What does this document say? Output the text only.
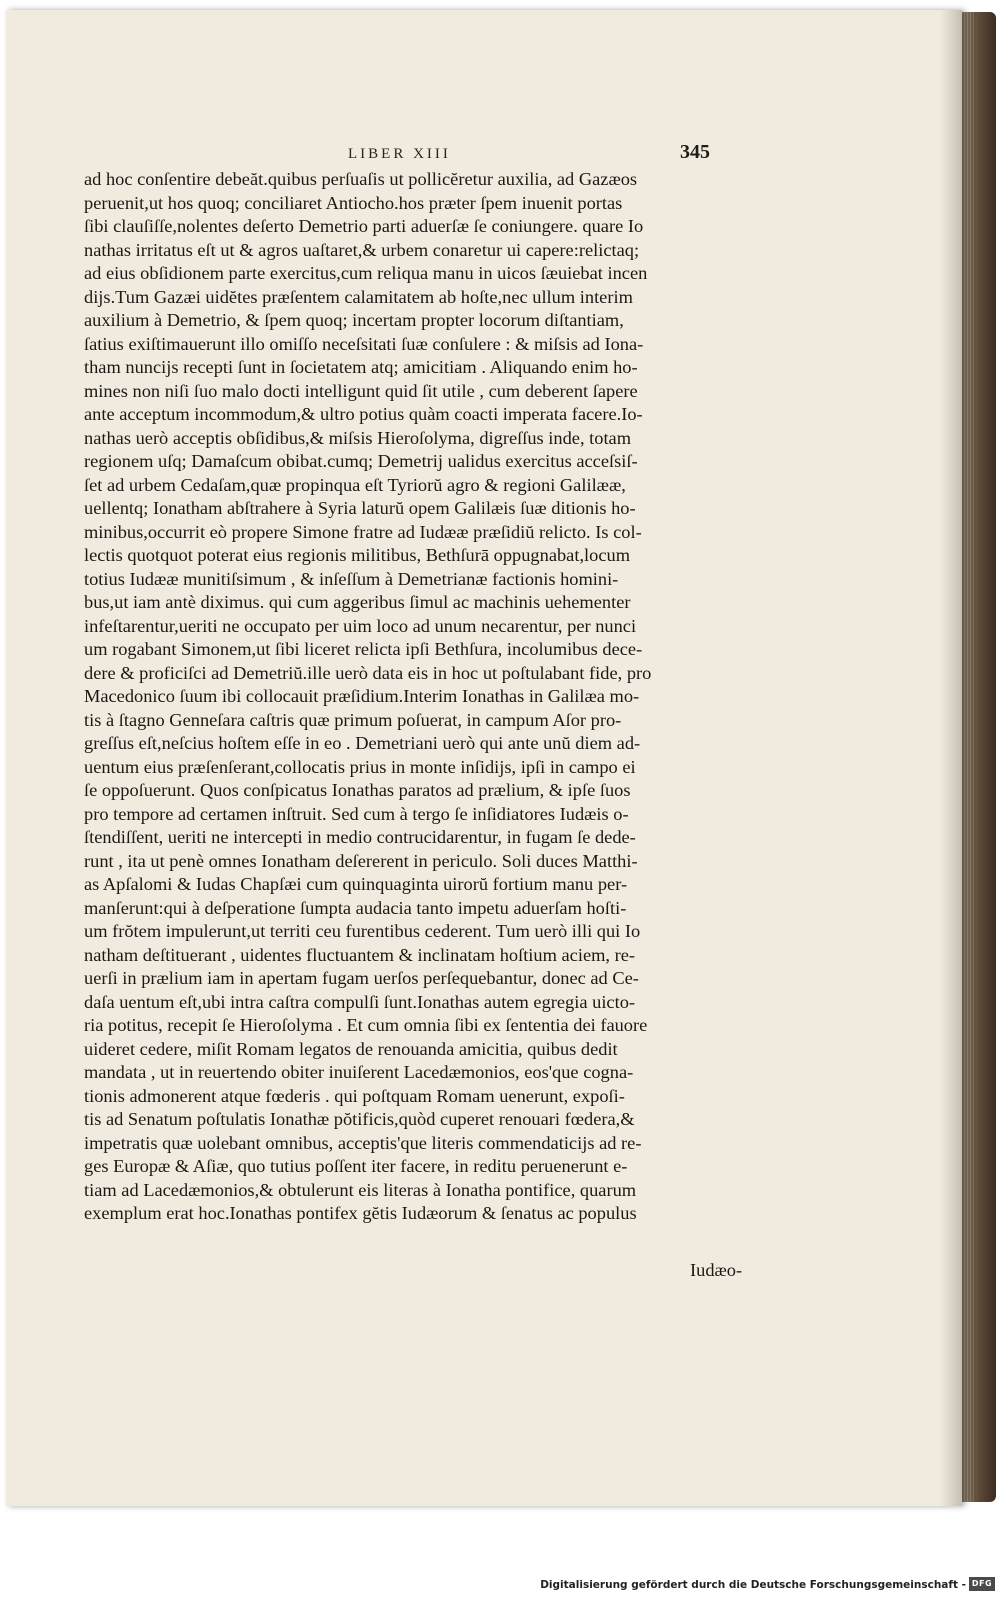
LIBER XIII	345
ad hoc conſentire debeăt.quibus perſuaſis ut pollicĕretur auxilia, ad Gazæos
peruenit,ut hos quoq; conciliaret Antiocho.hos præter ſpem inuenit portas
ſibi clauſiſſe,nolentes deſerto Demetrio parti aduerſæ ſe coniungere. quare Io
nathas irritatus eſt ut & agros uaſtaret,& urbem conaretur ui capere:relictaq;
ad eius obſidionem parte exercitus,cum reliqua manu in uicos ſæuiebat incen
dijs.Tum Gazæi uidĕtes præſentem calamitatem ab hoſte,nec ullum interim
auxilium à Demetrio, & ſpem quoq; incertam propter locorum diſtantiam,
ſatius exiſtimauerunt illo omiſſo neceſsitati ſuæ conſulere : & miſsis ad Iona-
tham nuncijs recepti ſunt in ſocietatem atq; amicitiam . Aliquando enim ho-
mines non niſi ſuo malo docti intelligunt quid ſit utile , cum deberent ſapere
ante acceptum incommodum,& ultro potius quàm coacti imperata facere.Io-
nathas uerò acceptis obſidibus,& miſsis Hieroſolyma, digreſſus inde, totam
regionem uſq; Damaſcum obibat.cumq; Demetrij ualidus exercitus acceſsiſ-
ſet ad urbem Cedaſam,quæ propinqua eſt Tyriorŭ agro & regioni Galilææ,
uellentq; Ionatham abſtrahere à Syria laturŭ opem Galilæis ſuæ ditionis ho-
minibus,occurrit eò propere Simone fratre ad Iudææ præſidiŭ relicto. Is col-
lectis quotquot poterat eius regionis militibus, Bethſurā oppugnabat,locum
totius Iudææ munitiſsimum , & inſeſſum à Demetrianæ factionis homini-
bus,ut iam antè diximus. qui cum aggeribus ſimul ac machinis uehementer
infeſtarentur,ueriti ne occupato per uim loco ad unum necarentur, per nunci
um rogabant Simonem,ut ſibi liceret relicta ipſi Bethſura, incolumibus dece-
dere & proficiſci ad Demetriŭ.ille uerò data eis in hoc ut poſtulabant fide, pro
Macedonico ſuum ibi collocauit præſidium.Interim Ionathas in Galilæa mo-
tis à ſtagno Genneſara caſtris quæ primum poſuerat, in campum Aſor pro-
greſſus eſt,neſcius hoſtem eſſe in eo . Demetriani uerò qui ante unŭ diem ad-
uentum eius præſenſerant,collocatis prius in monte inſidijs, ipſi in campo ei
ſe oppoſuerunt. Quos conſpicatus Ionathas paratos ad prælium, & ipſe ſuos
pro tempore ad certamen inſtruit. Sed cum à tergo ſe inſidiatores Iudæis o-
ſtendiſſent, ueriti ne intercepti in medio contrucidarentur, in fugam ſe dede-
runt , ita ut penè omnes Ionatham deſererent in periculo. Soli duces Matthi-
as Apſalomi & Iudas Chapſæi cum quinquaginta uirorŭ fortium manu per-
manſerunt:qui à deſperatione ſumpta audacia tanto impetu aduerſam hoſti-
um frŏtem impulerunt,ut territi ceu furentibus cederent. Tum uerò illi qui Io
natham deſtituerant , uidentes fluctuantem & inclinatam hoſtium aciem, re-
uerſi in prælium iam in apertam fugam uerſos perſequebantur, donec ad Ce-
daſa uentum eſt,ubi intra caſtra compulſi ſunt.Ionathas autem egregia uicto-
ria potitus, recepit ſe Hieroſolyma . Et cum omnia ſibi ex ſententia dei fauore
uideret cedere, miſit Romam legatos de renouanda amicitia, quibus dedit
mandata , ut in reuertendo obiter inuiſerent Lacedæmonios, eos'que cogna-
tionis admonerent atque fœderis . qui poſtquam Romam uenerunt, expoſi-
tis ad Senatum poſtulatis Ionathæ pŏtificis,quòd cuperet renouari fœdera,&
impetratis quæ uolebant omnibus, acceptis'que literis commendaticijs ad re-
ges Europæ & Aſiæ, quo tutius poſſent iter facere, in reditu peruenerunt e-
tiam ad Lacedæmonios,& obtulerunt eis literas à Ionatha pontifice, quarum
exemplum erat hoc.Ionathas pontifex gĕtis Iudæorum & ſenatus ac populus
Iudæo-
Digitalisierung gefördert durch die Deutsche Forschungsgemeinschaft - DFG
